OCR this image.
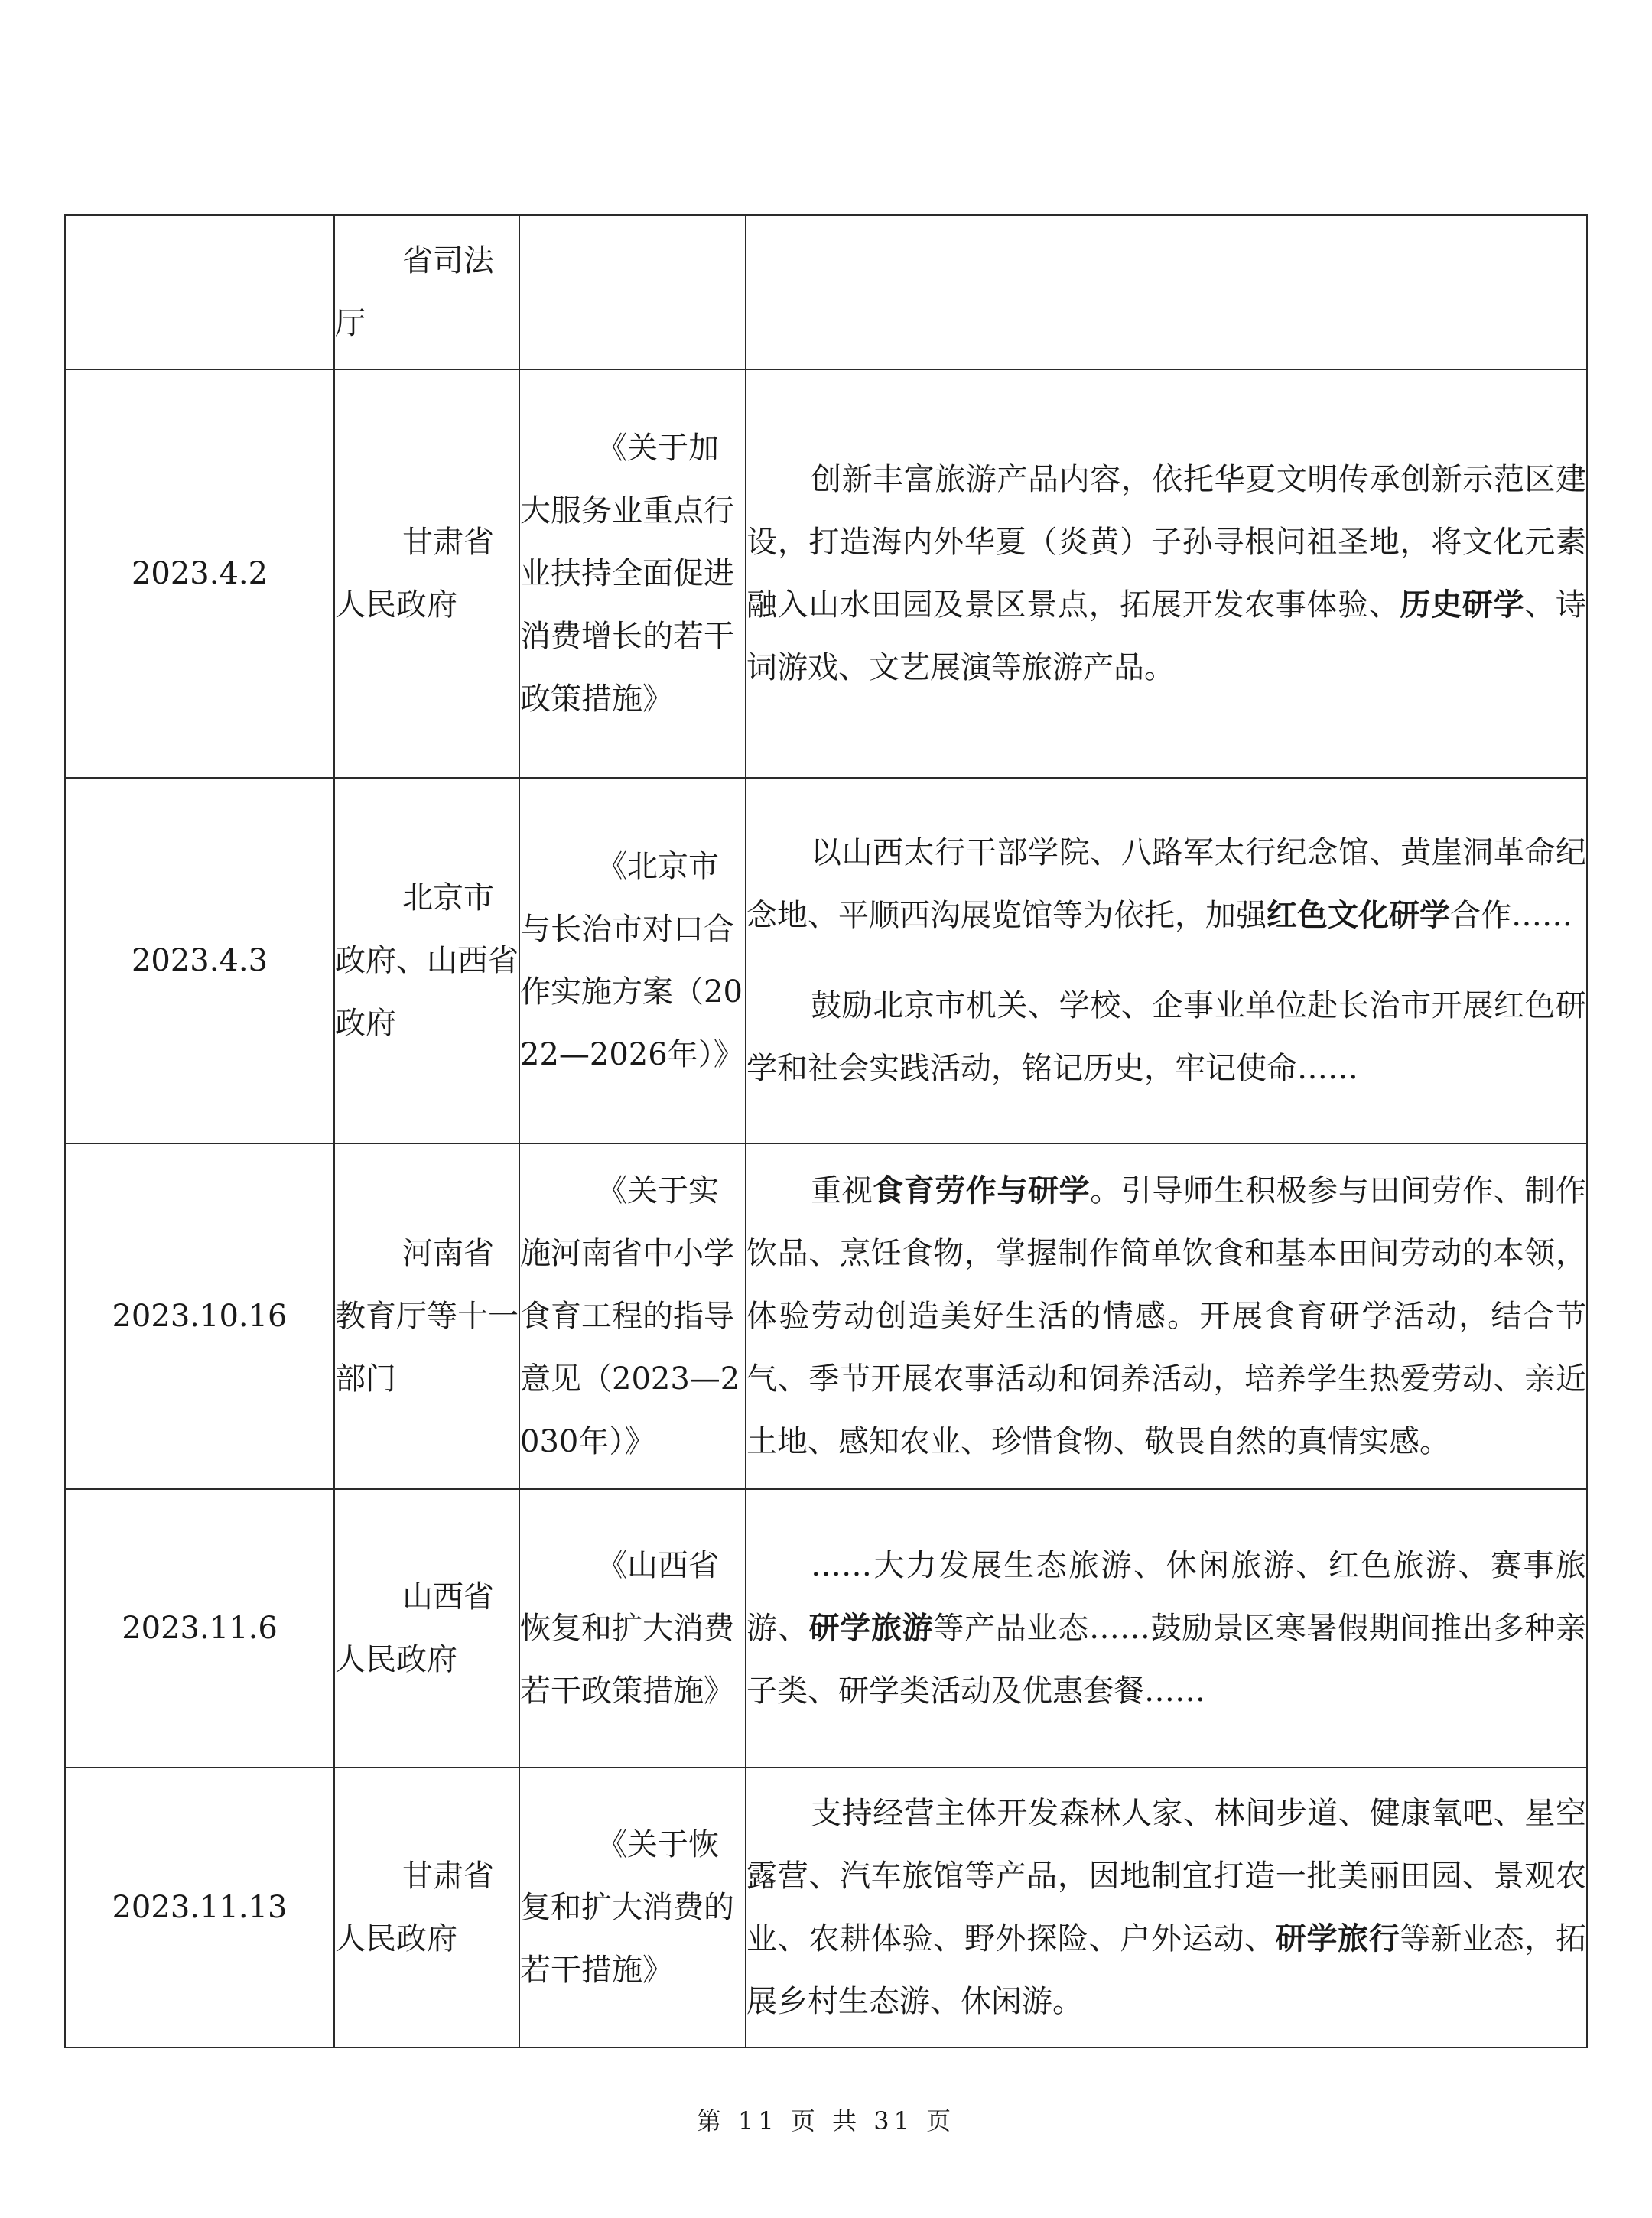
	省司法厅		

2023.4.2	甘肃省人民政府	《关于加大服务业重点行业扶持全面促进消费增长的若干政策措施》	创新丰富旅游产品内容，依托华夏文明传承创新示范区建设，打造海内外华夏（炎黄）子孙寻根问祖圣地，将文化元素融入山水田园及景区景点，拓展开发农事体验、历史研学、诗词游戏、文艺展演等旅游产品。

2023.4.3	北京市政府、山西省政府	《北京市与长治市对口合作实施方案（2022—2026年）》	以山西太行干部学院、八路军太行纪念馆、黄崖洞革命纪念地、平顺西沟展览馆等为依托，加强红色文化研学合作……

鼓励北京市机关、学校、企事业单位赴长治市开展红色研学和社会实践活动，铭记历史，牢记使命……

2023.10.16	河南省教育厅等十一部门	《关于实施河南省中小学食育工程的指导意见（2023—2030年）》	重视食育劳作与研学。引导师生积极参与田间劳作、制作饮品、烹饪食物，掌握制作简单饮食和基本田间劳动的本领，体验劳动创造美好生活的情感。开展食育研学活动，结合节气、季节开展农事活动和饲养活动，培养学生热爱劳动、亲近土地、感知农业、珍惜食物、敬畏自然的真情实感。

2023.11.6	山西省人民政府	《山西省恢复和扩大消费若干政策措施》	……大力发展生态旅游、休闲旅游、红色旅游、赛事旅游、研学旅游等产品业态……鼓励景区寒暑假期间推出多种亲子类、研学类活动及优惠套餐……

2023.11.13	甘肃省人民政府	《关于恢复和扩大消费的若干措施》	支持经营主体开发森林人家、林间步道、健康氧吧、星空露营、汽车旅馆等产品，因地制宜打造一批美丽田园、景观农业、农耕体验、野外探险、户外运动、研学旅行等新业态，拓展乡村生态游、休闲游。

第 11 页 共 31 页
